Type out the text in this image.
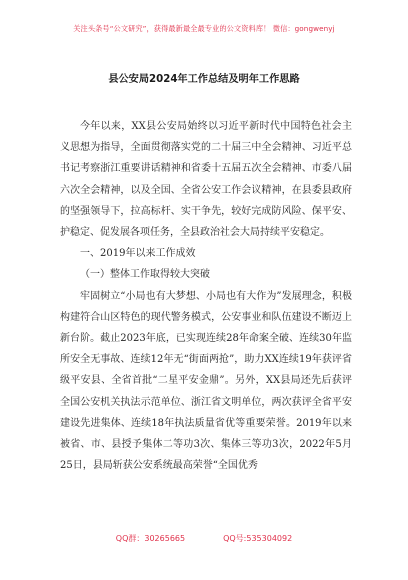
关注头条号“公文研究”，获得最新最全最专业的公文资料库！ 微信：gongwenyj
县公安局2024年工作总结及明年工作思路

今年以来，XX县公安局始终以习近平新时代中国特色社会主义思想为指导，全面贯彻落实党的二十届三中全会精神、习近平总书记考察浙江重要讲话精神和省委十五届五次全会精神、市委八届六次全会精神，以及全国、全省公安工作会议精神，在县委县政府的坚强领导下，拉高标杆、实干争先，较好完成防风险、保平安、护稳定、促发展各项任务，全县政治社会大局持续平安稳定。

一、2019年以来工作成效

（一）整体工作取得较大突破

牢固树立“小局也有大梦想、小局也有大作为”发展理念，积极构建符合山区特色的现代警务模式，公安事业和队伍建设不断迈上新台阶。截止2023年底，已实现连续28年命案全破、连续30年监所安全无事故、连续12年无“街面两抢”，助力XX连续19年获评省级平安县、全省首批“二星平安金鼎”。另外，XX县局还先后获评全国公安机关执法示范单位、浙江省文明单位，两次获评全省平安建设先进集体、连续18年执法质量省优等重要荣誉。2019年以来被省、市、县授予集体二等功3次、集体三等功3次，2022年5月25日，县局斩获公安系统最高荣誉“全国优秀

QQ群：30265665	QQ号:535304092
